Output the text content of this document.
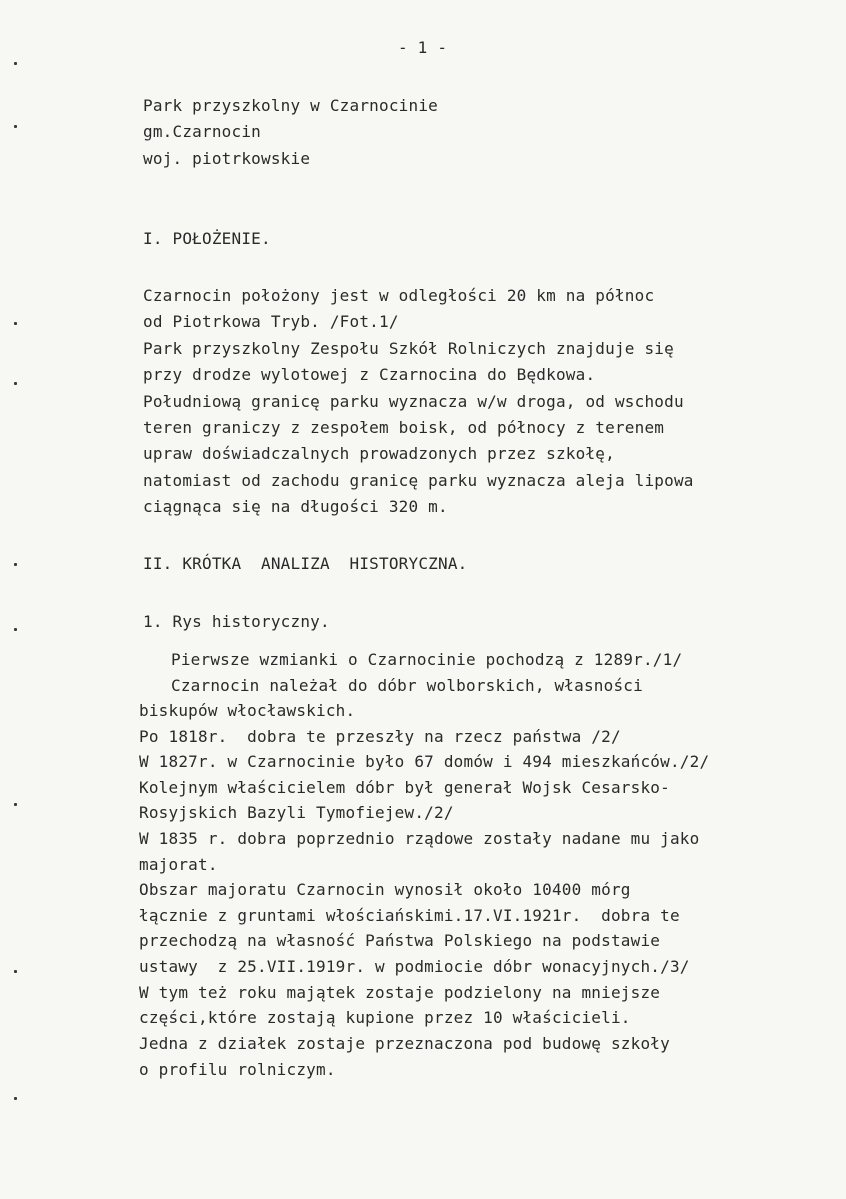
- 1 -
Park przyszkolny w Czarnocinie
gm.Czarnocin
woj. piotrkowskie
I. POŁOŻENIE.
Czarnocin położony jest w odległości 20 km na północ
od Piotrkowa Tryb. /Fot.1/
Park przyszkolny Zespołu Szkół Rolniczych znajduje się
przy drodze wylotowej z Czarnocina do Będkowa.
Południową granicę parku wyznacza w/w droga, od wschodu
teren graniczy z zespołem boisk, od północy z terenem
upraw doświadczalnych prowadzonych przez szkołę,
natomiast od zachodu granicę parku wyznacza aleja lipowa
ciągnąca się na długości 320 m.
II. KRÓTKA  ANALIZA  HISTORYCZNA.
1. Rys historyczny.
Pierwsze wzmianki o Czarnocinie pochodzą z 1289r./1/
Czarnocin należał do dóbr wolborskich, własności
biskupów włocławskich.
Po 1818r.  dobra te przeszły na rzecz państwa /2/
W 1827r. w Czarnocinie było 67 domów i 494 mieszkańców./2/
Kolejnym właścicielem dóbr był generał Wojsk Cesarsko-
Rosyjskich Bazyli Tymofiejew./2/
W 1835 r. dobra poprzednio rządowe zostały nadane mu jako
majorat.
Obszar majoratu Czarnocin wynosił około 10400 mórg
łącznie z gruntami włościańskimi.17.VI.1921r.  dobra te
przechodzą na własność Państwa Polskiego na podstawie
ustawy  z 25.VII.1919r. w podmiocie dóbr wonacyjnych./3/
W tym też roku majątek zostaje podzielony na mniejsze
części,które zostają kupione przez 10 właścicieli.
Jedna z działek zostaje przeznaczona pod budowę szkoły
o profilu rolniczym.
